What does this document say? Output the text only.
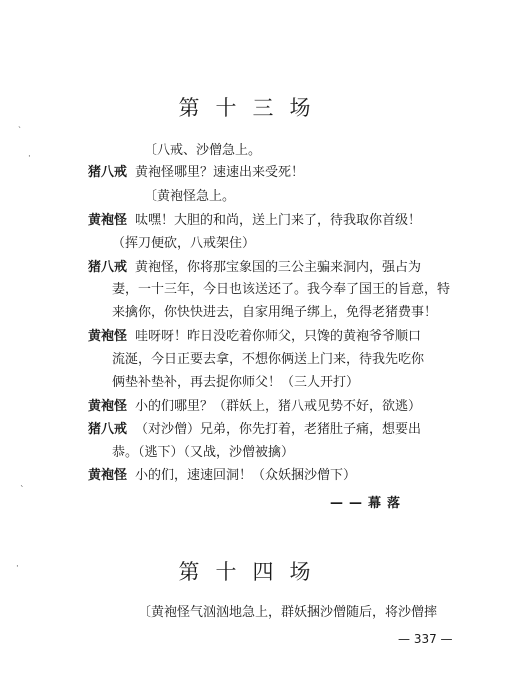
ˏ
·
ˋ
·
第十三场
〔八戒、沙僧急上。
猪八戒 黄袍怪哪里？速速出来受死！
〔黄袍怪急上。
黄袍怪 呔嘿！大胆的和尚，送上门来了，待我取你首级！
（挥刀便砍，八戒架住）
猪八戒 黄袍怪，你将那宝象国的三公主骗来洞内，强占为
妻，一十三年，今日也该送还了。我今奉了国王的旨意，特
来擒你，你快快进去，自家用绳子绑上，免得老猪费事！
黄袍怪 哇呀呀！昨日没吃着你师父，只馋的黄袍爷爷顺口
流涎，今日正要去拿，不想你俩送上门来，待我先吃你
俩垫补垫补，再去捉你师父！（三人开打）
黄袍怪 小的们哪里？（群妖上，猪八戒见势不好，欲逃）
猪八戒 （对沙僧）兄弟，你先打着，老猪肚子痛，想要出
恭。（逃下）（又战，沙僧被擒）
黄袍怪 小的们，速速回洞！（众妖捆沙僧下）
——幕落
第十四场
〔黄袍怪气汹汹地急上，群妖捆沙僧随后，将沙僧摔
— 337 —
